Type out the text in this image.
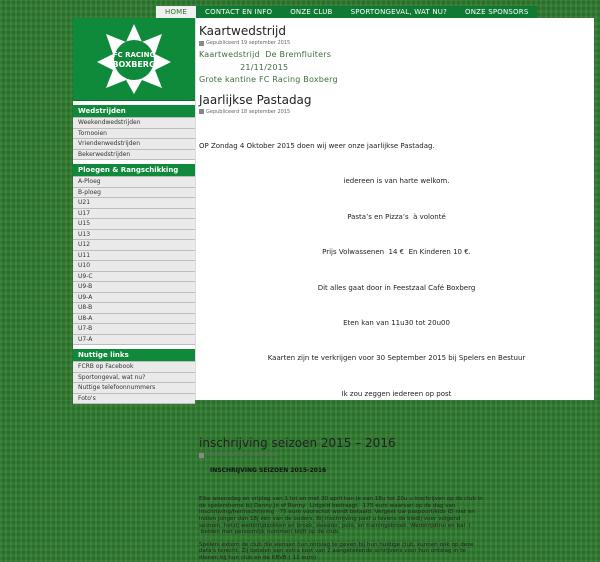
HOME	CONTACT EN INFO	ONZE CLUB	SPORTONGEVAL, WAT NU?	ONZE SPONSORS
FC RACING
BOXBERG
Wedstrijden
Weekendwedstrijden
Tornooien
Vriendenwedstrijden
Bekerwedstrijden
Ploegen & Rangschikking
A-Ploeg
B-ploeg
U21
U17
U15
U13
U12
U11
U10
U9-C
U9-B
U9-A
U8-B
U8-A
U7-B
U7-A
Nuttige links
FCRB op Facebook
Sportongeval, wat nu?
Nuttige telefoonnummers
Foto's
Kaartwedstrijd
Gepubliceerd 19 september 2015

Kaartwedstrijd  De Bremfluiters

21/11/2015

Grote kantine FC Racing Boxberg

Jaarlijkse Pastadag
Gepubliceerd 18 september 2015

OP Zondag 4 Oktober 2015 doen wij weer onze jaarlijkse Pastadag.

iedereen is van harte welkom.

Pasta’s en Pizza’s  à volonté

Prijs Volwassenen  14 €  En Kinderen 10 €.

Dit alles gaat door in Feestzaal Café Boxberg

Eten kan van 11u30 tot 20u00

Kaarten zijn te verkrijgen voor 30 September 2015 bij Spelers en Bestuur

Ik zou zeggen iedereen op post

inschrijving seizoen 2015 – 2016
Gepubliceerd 29 maart 2015
INSCHRIJVING SEIZOEN 2015-2016

Elke woensdag en vrijdag van 1 tot en met 30 april kan je van 18u tot 20u u inschrijven op de club in
de spelershome bij Danny,Jo of Ronny.  Lidgeld bedraagt   175 euro waarvan op de dag van
inschrijving/herinschrijving   75 euro voorschot wordt betaald. Vergeet uw paspoort/kids ID niet en
indien jonger dan 18j één van de ouders. Bij inschrijving past u tevens de kledij voor volgend
seizoen, hetzij wedstrijdsokken en broek, sweater, polo, en trainingsbroek. Wedstrijdtrui en bal  (
beiden met persoonlijk nummer) blijft op de club.

Spelers extern de club die wensen hun ontslag te geven bij hun huidige club, kunnen ook op deze
data's terecht. Zij betalen een extra kost van 2 aangetekende schrijvens voor hun ontslag in te
dienen bij hun club en de KBVB ( 12 euro)
